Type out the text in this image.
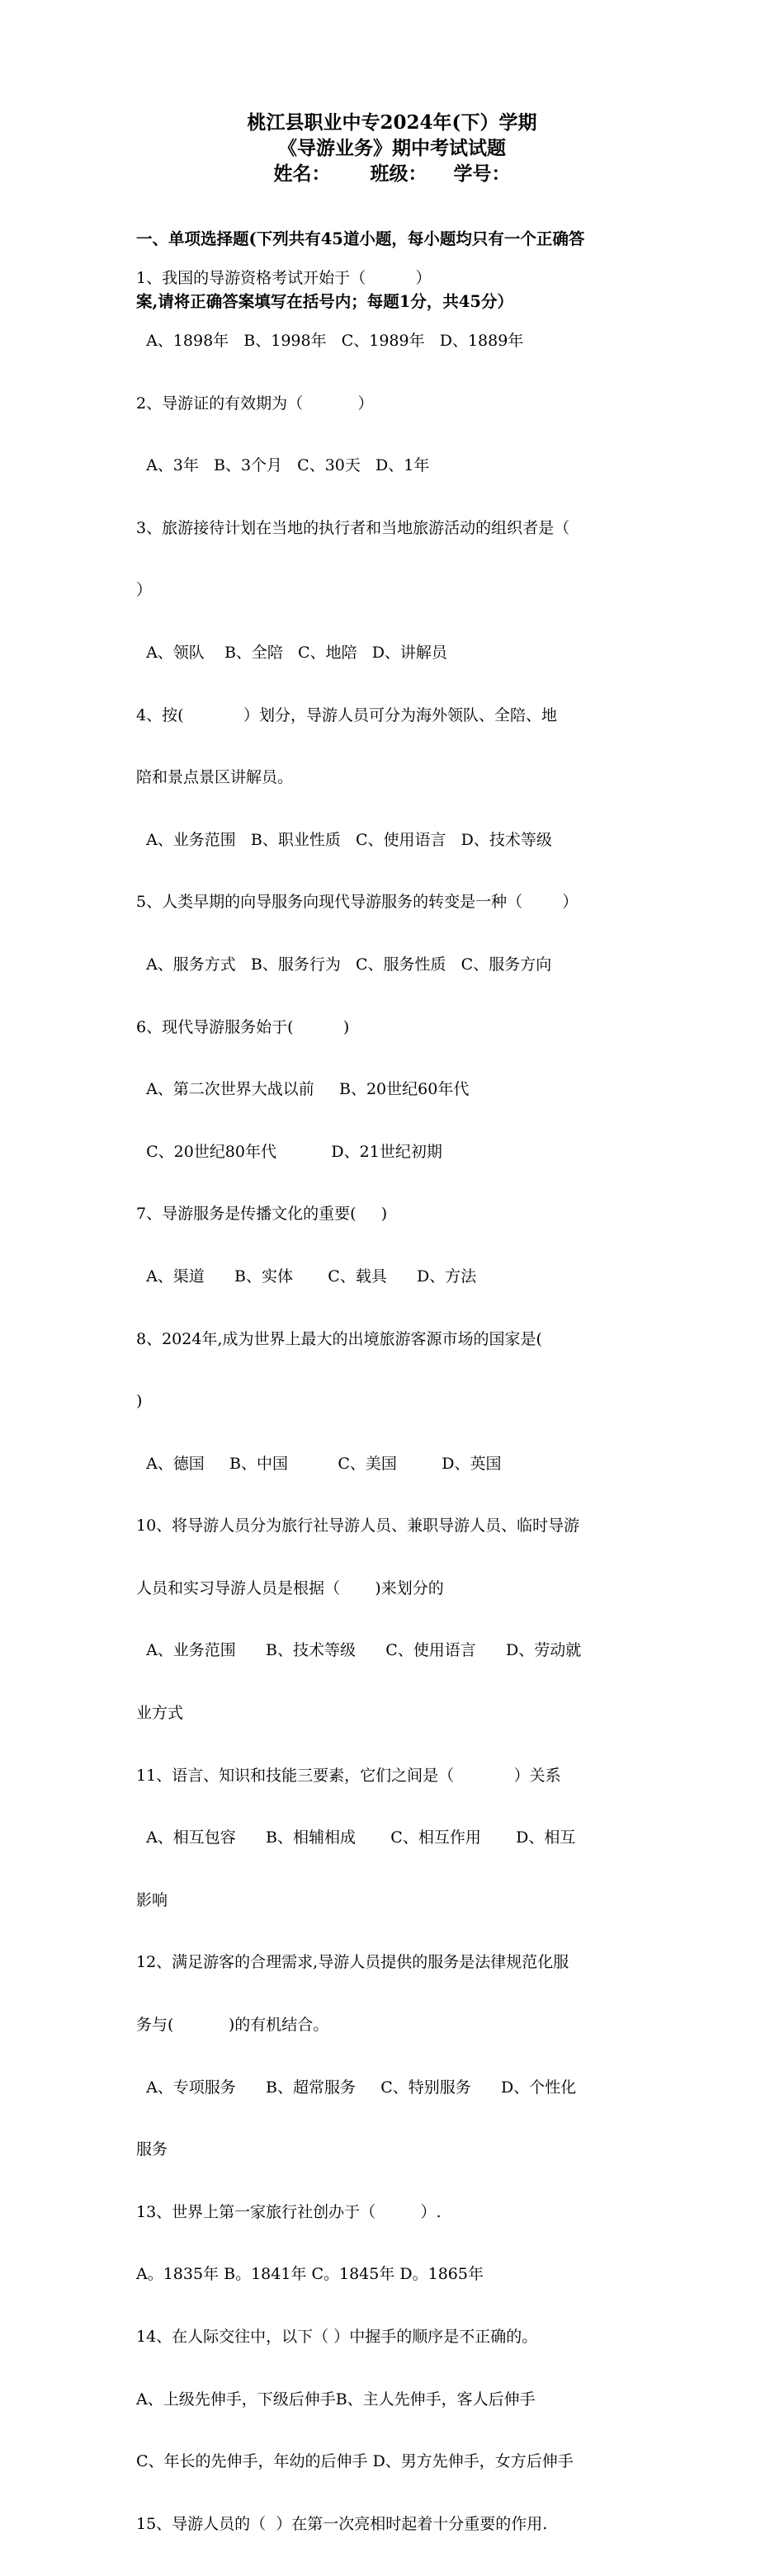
桃江县职业中专2024年(下）学期
《导游业务》期中考试试题
姓名：      班级：    学号：

一、单项选择题(下列共有45道小题，每小题均只有一个正确答

案,请将正确答案填写在括号内；每题1分，共45分）

1、我国的导游资格考试开始于（          ）

A、1898年   B、1998年   C、1989年   D、1889年

2、导游证的有效期为（           ）

A、3年   B、3个月   C、30天   D、1年

3、旅游接待计划在当地的执行者和当地旅游活动的组织者是（

）

A、领队    B、全陪   C、地陪   D、讲解员

4、按(            ）划分，导游人员可分为海外领队、全陪、地

陪和景点景区讲解员。

A、业务范围   B、职业性质   C、使用语言   D、技术等级

5、人类早期的向导服务向现代导游服务的转变是一种（        ）

A、服务方式   B、服务行为   C、服务性质   C、服务方向

6、现代导游服务始于(          )

A、第二次世界大战以前     B、20世纪60年代

C、20世纪80年代           D、21世纪初期

7、导游服务是传播文化的重要(     )

A、渠道      B、实体       C、载具      D、方法

8、2024年,成为世界上最大的出境旅游客源市场的国家是(

)

A、德国     B、中国          C、美国         D、英国

10、将导游人员分为旅行社导游人员、兼职导游人员、临时导游

人员和实习导游人员是根据（       )来划分的

A、业务范围      B、技术等级      C、使用语言      D、劳动就

业方式

11、语言、知识和技能三要素，它们之间是（            ）关系

A、相互包容      B、相辅相成       C、相互作用       D、相互

影响

12、满足游客的合理需求,导游人员提供的服务是法律规范化服

务与(           )的有机结合。

A、专项服务      B、超常服务     C、特别服务      D、个性化

服务

13、世界上第一家旅行社创办于（         ）.

A。1835年 B。1841年 C。1845年 D。1865年

14、在人际交往中，以下（ ）中握手的顺序是不正确的。

A、上级先伸手，下级后伸手B、主人先伸手，客人后伸手

C、年长的先伸手，年幼的后伸手 D、男方先伸手，女方后伸手

15、导游人员的（  ）在第一次亮相时起着十分重要的作用.
